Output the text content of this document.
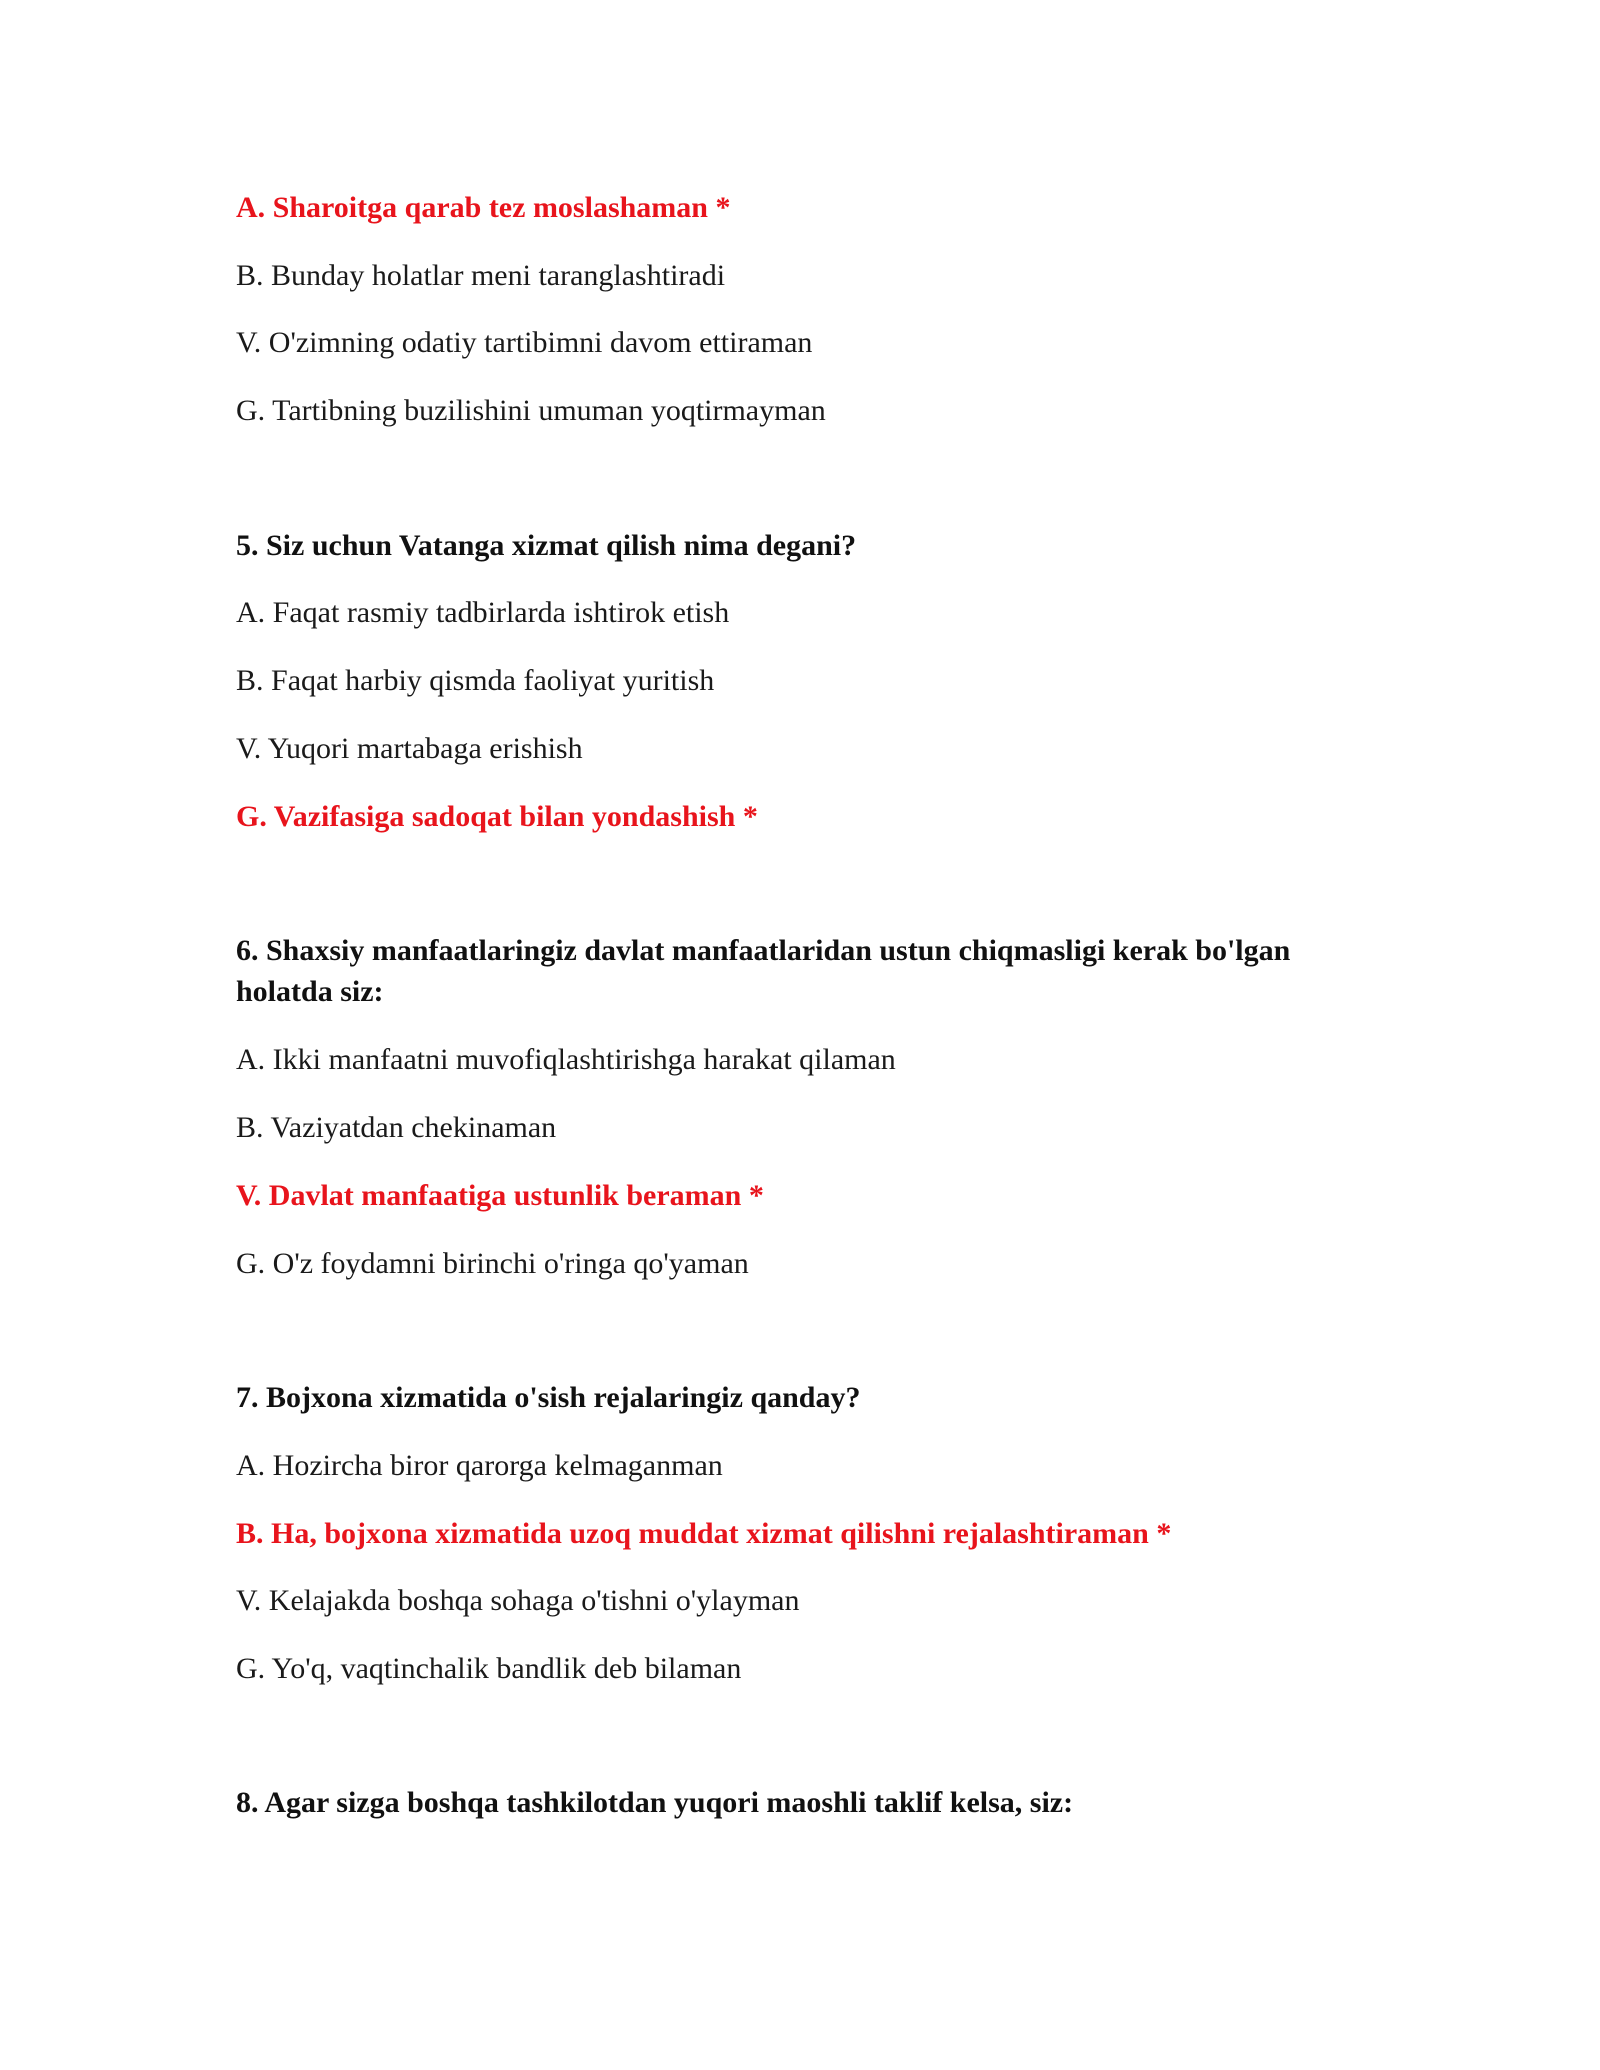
A. Sharoitga qarab tez moslashaman *
B. Bunday holatlar meni taranglashtiradi
V. O'zimning odatiy tartibimni davom ettiraman
G. Tartibning buzilishini umuman yoqtirmayman
5. Siz uchun Vatanga xizmat qilish nima degani?
A. Faqat rasmiy tadbirlarda ishtirok etish
B. Faqat harbiy qismda faoliyat yuritish
V. Yuqori martabaga erishish
G. Vazifasiga sadoqat bilan yondashish *
6. Shaxsiy manfaatlaringiz davlat manfaatlaridan ustun chiqmasligi kerak bo'lgan holatda siz:
A. Ikki manfaatni muvofiqlashtirishga harakat qilaman
B. Vaziyatdan chekinaman
V. Davlat manfaatiga ustunlik beraman *
G. O'z foydamni birinchi o'ringa qo'yaman
7. Bojxona xizmatida o'sish rejalaringiz qanday?
A. Hozircha biror qarorga kelmaganman
B. Ha, bojxona xizmatida uzoq muddat xizmat qilishni rejalashtiraman *
V. Kelajakda boshqa sohaga o'tishni o'ylayman
G. Yo'q, vaqtinchalik bandlik deb bilaman
8. Agar sizga boshqa tashkilotdan yuqori maoshli taklif kelsa, siz:
